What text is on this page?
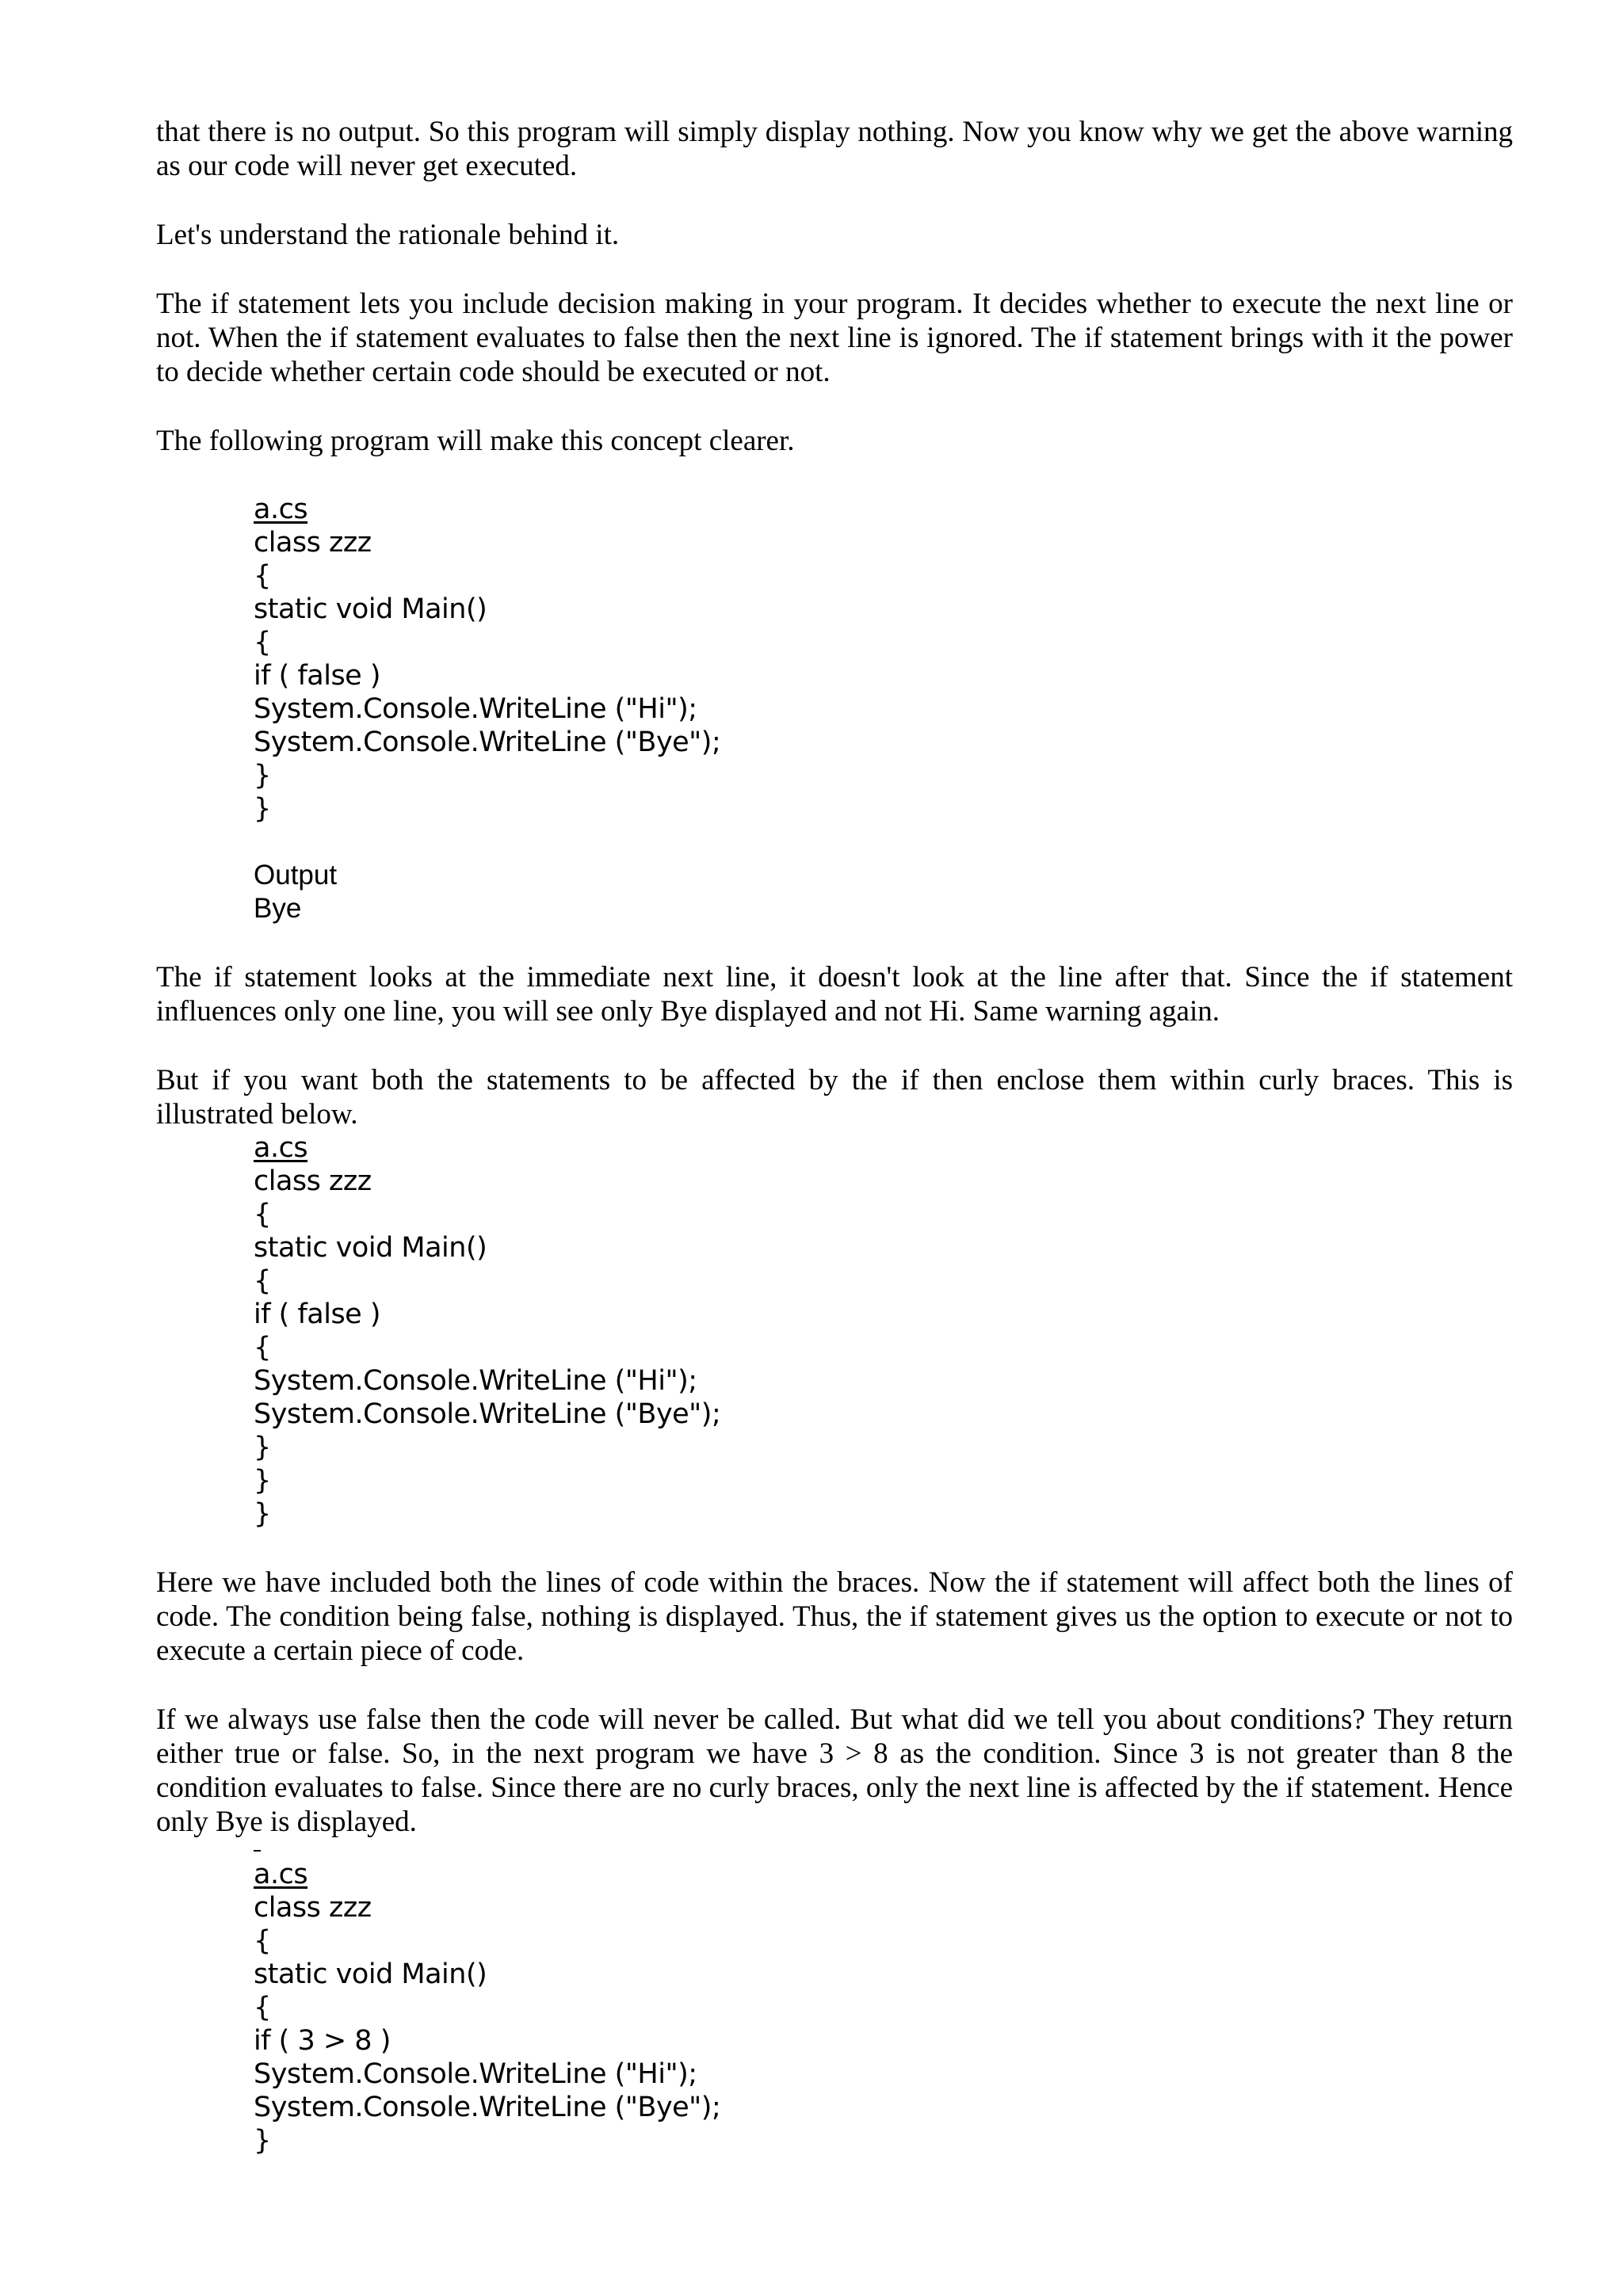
that there is no output. So this program will simply display nothing. Now you know why we get the above warning as our code will never get executed.

Let's understand the rationale behind it.

The if statement lets you include decision making in your program. It decides whether to execute the next line or not. When the if statement evaluates to false then the next line is ignored. The if statement brings with it the power to decide whether certain code should be executed or not.

The following program will make this concept clearer.

a.cs
class zzz
{
static void Main()
{
if ( false )
System.Console.WriteLine ("Hi");
System.Console.WriteLine ("Bye");
}
}
Output
Bye

The if statement looks at the immediate next line, it doesn't look at the line after that. Since the if statement influences only one line, you will see only Bye displayed and not Hi. Same warning again.

But if you want both the statements to be affected by the if then enclose them within curly braces. This is illustrated below.

a.cs
class zzz
{
static void Main()
{
if ( false )
{
System.Console.WriteLine ("Hi");
System.Console.WriteLine ("Bye");
}
}
}

Here we have included both the lines of code within the braces. Now the if statement will affect both the lines of code. The condition being false, nothing is displayed. Thus, the if statement gives us the option to execute or not to execute a certain piece of code.

If we always use false then the code will never be called. But what did we tell you about conditions? They return either true or false. So, in the next program we have 3 > 8 as the condition. Since 3 is not greater than 8 the condition evaluates to false. Since there are no curly braces, only the next line is affected by the if statement. Hence only Bye is displayed.

a.cs
class zzz
{
static void Main()
{
if ( 3 > 8 )
System.Console.WriteLine ("Hi");
System.Console.WriteLine ("Bye");
}
